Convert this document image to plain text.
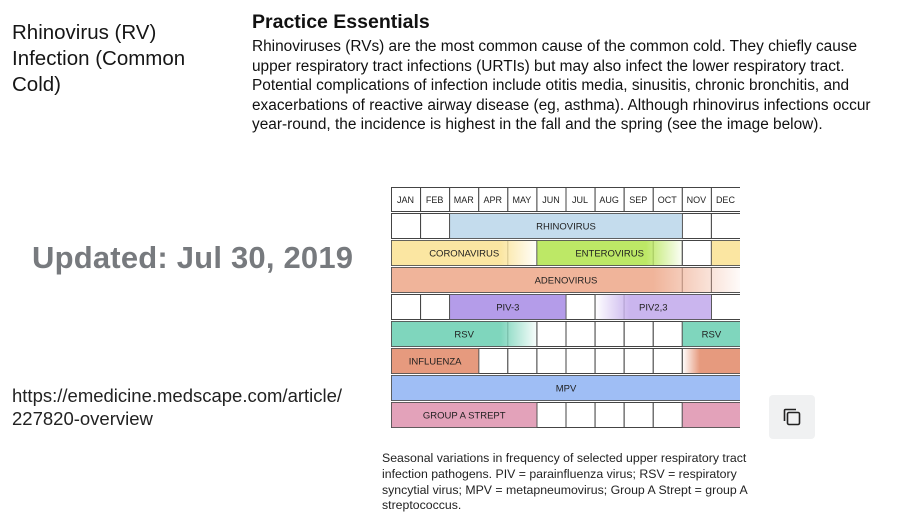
Rhinovirus (RV) Infection (Common Cold)
Updated: Jul 30, 2019
https://emedicine.medscape.com/article/227820-overview
Practice Essentials
Rhinoviruses (RVs) are the most common cause of the common cold. They chiefly cause upper respiratory tract infections (URTIs) but may also infect the lower respiratory tract. Potential complications of infection include otitis media, sinusitis, chronic bronchitis, and exacerbations of reactive airway disease (eg, asthma). Although rhinovirus infections occur year-round, the incidence is highest in the fall and the spring (see the image below).
JAN FEB MAR APR MAY JUN JUL AUG SEP OCT NOV DEC
RHINOVIRUS
CORONAVIRUS	ENTEROVIRUS
ADENOVIRUS
PIV-3	PIV2,3
RSV	RSV
INFLUENZA
MPV
GROUP A STREPT
Seasonal variations in frequency of selected upper respiratory tract infection pathogens. PIV = parainfluenza virus; RSV = respiratory syncytial virus; MPV = metapneumovirus; Group A Strept = group A streptococcus.
